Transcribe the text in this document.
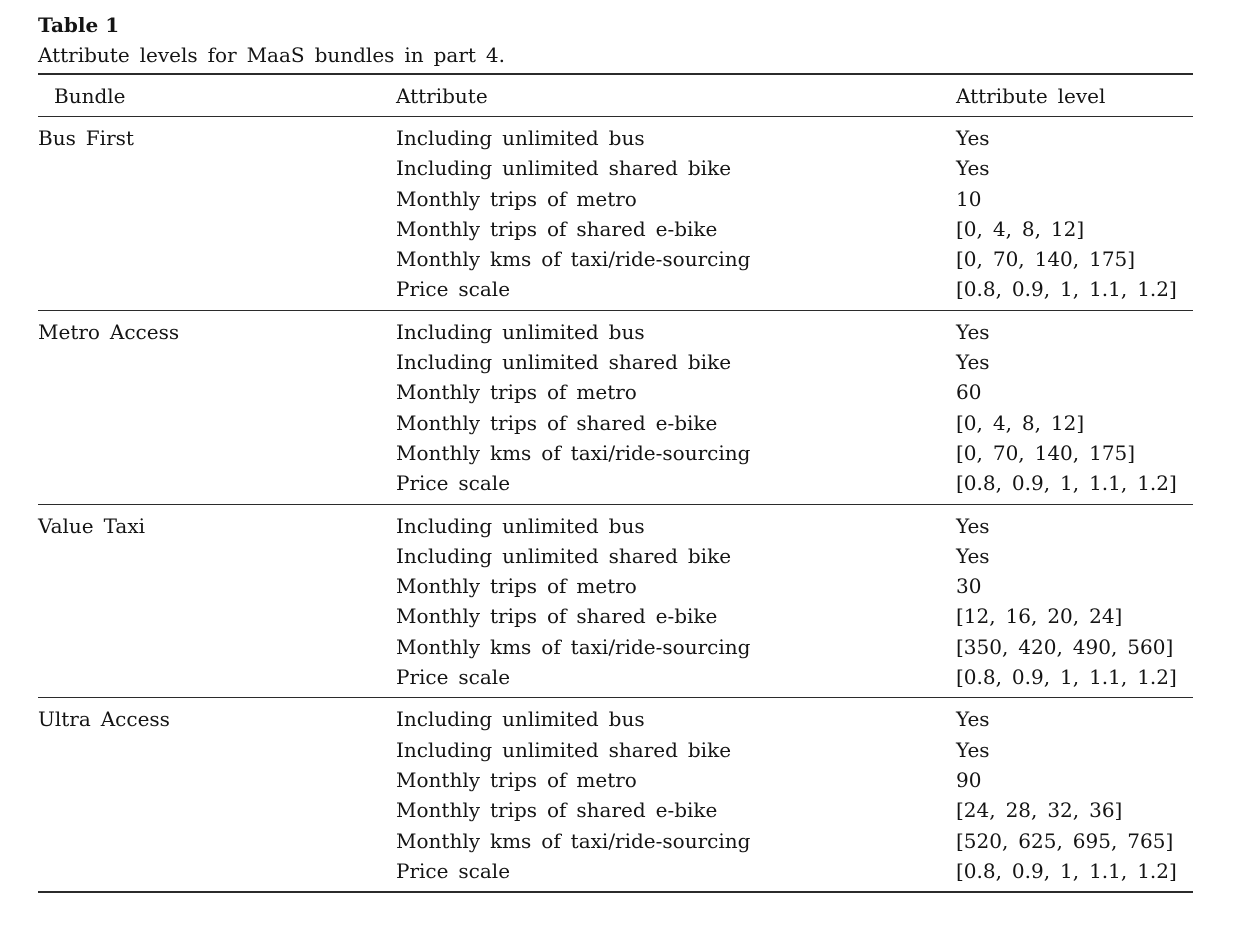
Table 1
Attribute levels for MaaS bundles in part 4.
Bundle	Attribute	Attribute level
Bus First	Including unlimited bus	Yes
	Including unlimited shared bike	Yes
	Monthly trips of metro	10
	Monthly trips of shared e-bike	[0, 4, 8, 12]
	Monthly kms of taxi/ride-sourcing	[0, 70, 140, 175]
	Price scale	[0.8, 0.9, 1, 1.1, 1.2]
Metro Access	Including unlimited bus	Yes
	Including unlimited shared bike	Yes
	Monthly trips of metro	60
	Monthly trips of shared e-bike	[0, 4, 8, 12]
	Monthly kms of taxi/ride-sourcing	[0, 70, 140, 175]
	Price scale	[0.8, 0.9, 1, 1.1, 1.2]
Value Taxi	Including unlimited bus	Yes
	Including unlimited shared bike	Yes
	Monthly trips of metro	30
	Monthly trips of shared e-bike	[12, 16, 20, 24]
	Monthly kms of taxi/ride-sourcing	[350, 420, 490, 560]
	Price scale	[0.8, 0.9, 1, 1.1, 1.2]
Ultra Access	Including unlimited bus	Yes
	Including unlimited shared bike	Yes
	Monthly trips of metro	90
	Monthly trips of shared e-bike	[24, 28, 32, 36]
	Monthly kms of taxi/ride-sourcing	[520, 625, 695, 765]
	Price scale	[0.8, 0.9, 1, 1.1, 1.2]
